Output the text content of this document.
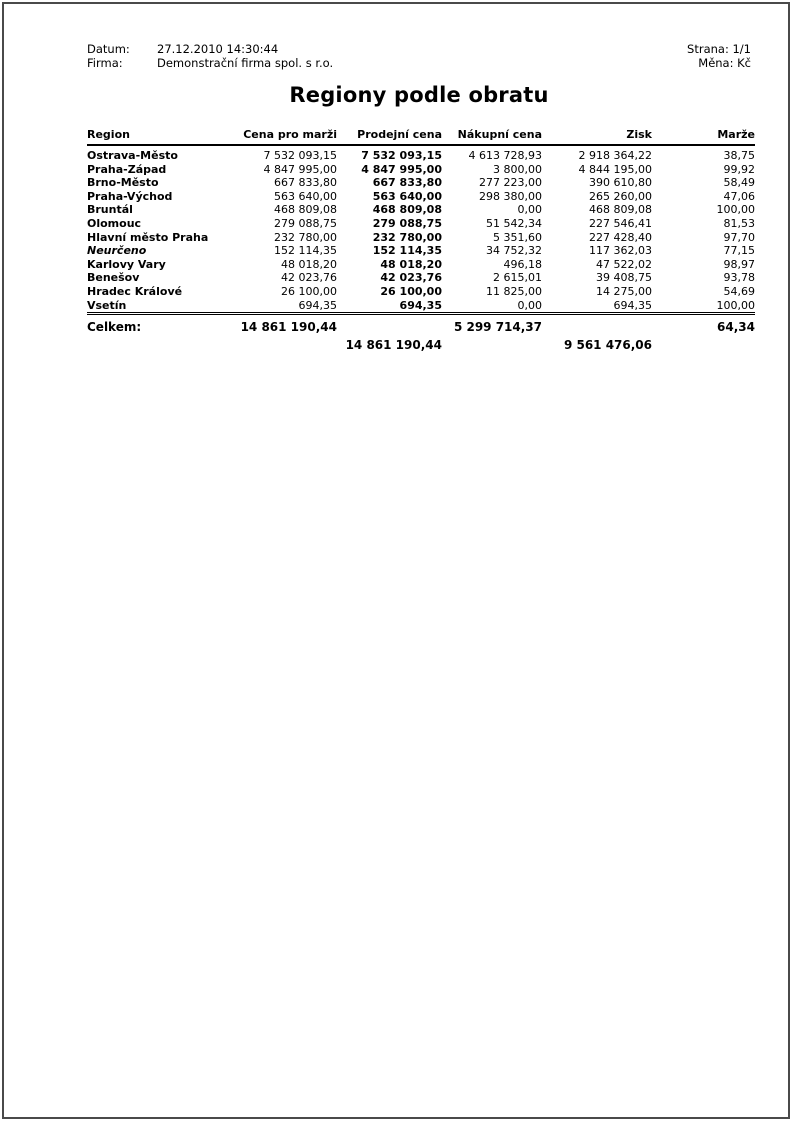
Datum:	27.12.2010 14:30:44
Firma:	Demonstrační firma spol. s r.o.
Strana: 1/1
Měna: Kč
Regiony podle obratu
Region	Cena pro marži	Prodejní cena	Nákupní cena	Zisk	Marže
Ostrava-Město	7 532 093,15	7 532 093,15	4 613 728,93	2 918 364,22	38,75
Praha-Západ	4 847 995,00	4 847 995,00	3 800,00	4 844 195,00	99,92
Brno-Město	667 833,80	667 833,80	277 223,00	390 610,80	58,49
Praha-Východ	563 640,00	563 640,00	298 380,00	265 260,00	47,06
Bruntál	468 809,08	468 809,08	0,00	468 809,08	100,00
Olomouc	279 088,75	279 088,75	51 542,34	227 546,41	81,53
Hlavní město Praha	232 780,00	232 780,00	5 351,60	227 428,40	97,70
Neurčeno	152 114,35	152 114,35	34 752,32	117 362,03	77,15
Karlovy Vary	48 018,20	48 018,20	496,18	47 522,02	98,97
Benešov	42 023,76	42 023,76	2 615,01	39 408,75	93,78
Hradec Králové	26 100,00	26 100,00	11 825,00	14 275,00	54,69
Vsetín	694,35	694,35	0,00	694,35	100,00
Celkem:	14 861 190,44		5 299 714,37		64,34
		14 861 190,44		9 561 476,06	
